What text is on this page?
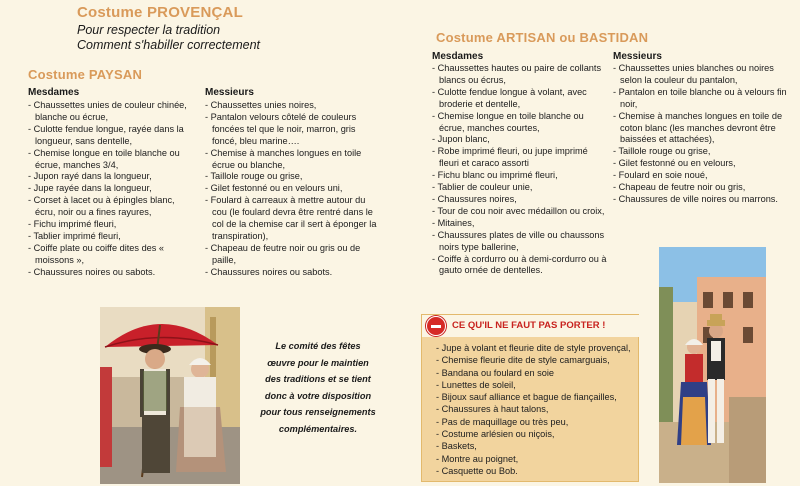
Costume PROVENÇAL
Pour respecter la tradition
Comment s'habiller correctement
Costume PAYSAN
Mesdames
- Chaussettes unies de couleur chinée, blanche ou écrue,
- Culotte fendue longue, rayée dans la longueur, sans dentelle,
- Chemise longue en toile blanche ou écrue, manches 3/4,
- Jupon rayé dans la longueur,
- Jupe rayée dans la longueur,
- Corset à lacet ou à épingles blanc, écru, noir ou a fines rayures,
- Fichu imprimé fleuri,
- Tablier imprimé fleuri,
- Coiffe plate ou coiffe dites des « moissons »,
- Chaussures noires ou sabots.
Messieurs
- Chaussettes unies noires,
- Pantalon velours côtelé de couleurs foncées tel que le noir, marron, gris foncé, bleu marine….
- Chemise à manches longues en toile écrue ou blanche,
- Taillole rouge ou grise,
- Gilet festonné ou en velours uni,
- Foulard à carreaux à mettre autour du cou (le foulard devra être rentré dans le col de la chemise car il sert à éponger la transpiration),
- Chapeau de feutre noir ou gris ou de paille,
- Chaussures noires ou sabots.
Le comité des fêtes
œuvre pour le maintien
des traditions et se tient
donc à votre disposition
pour tous renseignements
complémentaires.
Costume ARTISAN ou BASTIDAN
Mesdames
- Chaussettes hautes ou paire de collants blancs ou écrus,
- Culotte fendue longue à volant, avec broderie et dentelle,
- Chemise longue en toile blanche ou écrue, manches courtes,
- Jupon blanc,
- Robe imprimé fleuri, ou jupe imprimé fleuri et caraco assorti
- Fichu blanc ou imprimé fleuri,
- Tablier de couleur unie,
- Chaussures noires,
- Tour de cou noir avec médaillon ou croix,
- Mitaines,
- Chaussures plates de ville ou chaussons noirs type ballerine,
- Coiffe à cordurro ou à demi-cordurro ou à gauto ornée de dentelles.
Messieurs
- Chaussettes unies blanches ou noires selon la couleur du pantalon,
- Pantalon en toile blanche ou à velours fin noir,
- Chemise à manches longues en toile de coton blanc (les manches devront être baissées et attachées),
- Taillole rouge ou grise,
- Gilet festonné ou en velours,
- Foulard en soie noué,
- Chapeau de feutre noir ou gris,
- Chaussures de ville noires ou marrons.
CE QU'IL NE FAUT PAS PORTER !
- Jupe à volant et fleurie dite de style provençal,
- Chemise fleurie dite de style camarguais,
- Bandana ou foulard en soie
- Lunettes de soleil,
- Bijoux sauf alliance et bague de fiançailles,
- Chaussures à haut talons,
- Pas de maquillage ou très peu,
- Costume arlésien ou niçois,
- Baskets,
- Montre au poignet,
- Casquette ou Bob.
